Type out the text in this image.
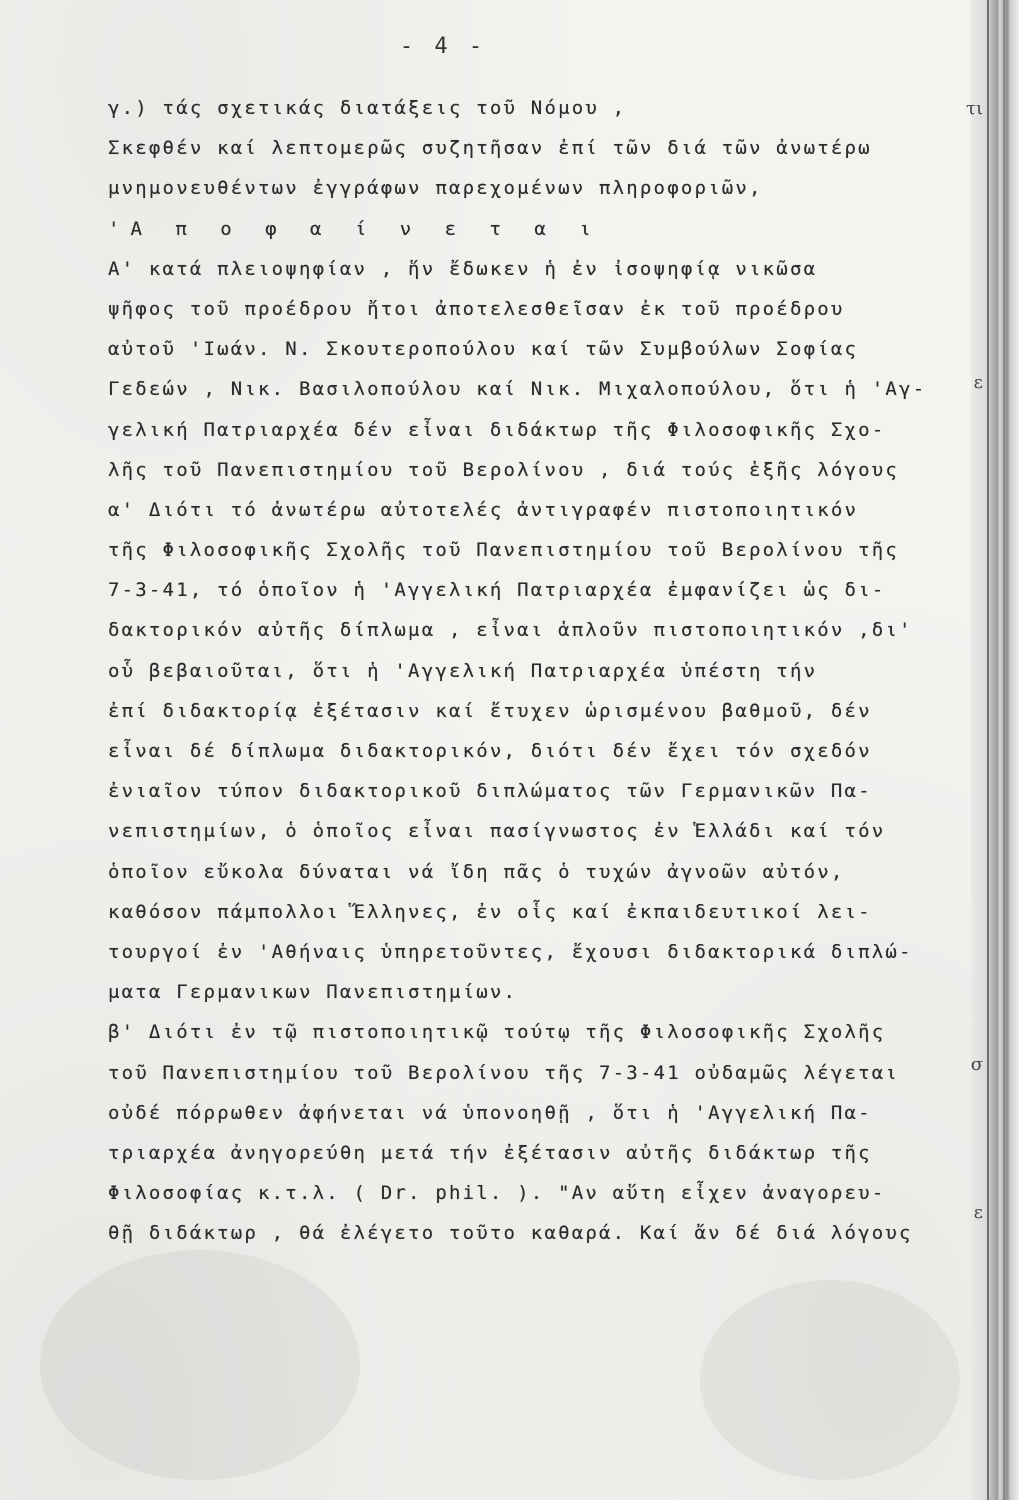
τι
ε
σ
ε
- 4 -
γ.) τάς σχετικάς διατάξεις τοῦ Νόμου ,
Σκεφθέν καί λεπτομερῶς συζητῆσαν ἐπί τῶν διά τῶν ἀνωτέρω
μνημονευθέντων ἐγγράφων παρεχομένων πληροφοριῶν,
'Α π ο φ α ί ν ε τ α ι
Α' κατά πλειοψηφίαν , ἥν ἔδωκεν ἡ ἐν ἰσοψηφίᾳ νικῶσα
ψῆφος τοῦ προέδρου ἤτοι ἀποτελεσθεῖσαν ἐκ τοῦ προέδρου
αὐτοῦ 'Ιωάν. Ν. Σκουτεροπούλου καί τῶν Συμβούλων Σοφίας
Γεδεών , Νικ. Βασιλοπούλου καί Νικ. Μιχαλοπούλου, ὅτι ἡ 'Αγ-
γελική Πατριαρχέα δέν εἶναι διδάκτωρ τῆς Φιλοσοφικῆς Σχο-
λῆς τοῦ Πανεπιστημίου τοῦ Βερολίνου , διά τούς ἑξῆς λόγους
α' Διότι τό ἀνωτέρω αὐτοτελές ἀντιγραφέν πιστοποιητικόν
τῆς Φιλοσοφικῆς Σχολῆς τοῦ Πανεπιστημίου τοῦ Βερολίνου τῆς
7-3-41, τό ὁποῖον ἡ 'Αγγελική Πατριαρχέα ἐμφανίζει ὡς δι-
δακτορικόν αὐτῆς δίπλωμα , εἶναι ἁπλοῦν πιστοποιητικόν ,δι'
οὗ βεβαιοῦται, ὅτι ἡ 'Αγγελική Πατριαρχέα ὑπέστη τήν
ἐπί διδακτορίᾳ ἐξέτασιν καί ἔτυχεν ὡρισμένου βαθμοῦ, δέν
εἶναι δέ δίπλωμα διδακτορικόν, διότι δέν ἔχει τόν σχεδόν
ἐνιαῖον τύπον διδακτορικοῦ διπλώματος τῶν Γερμανικῶν Πα-
νεπιστημίων, ὁ ὁποῖος εἶναι πασίγνωστος ἐν Ἑλλάδι καί τόν
ὁποῖον εὔκολα δύναται νά ἴδη πᾶς ὁ τυχών ἀγνοῶν αὐτόν,
καθόσον πάμπολλοι Ἕλληνες, ἐν οἷς καί ἐκπαιδευτικοί λει-
τουργοί ἐν 'Αθήναις ὑπηρετοῦντες, ἔχουσι διδακτορικά διπλώ-
ματα Γερμανικων Πανεπιστημίων.
β' Διότι ἐν τῷ πιστοποιητικῷ τούτῳ τῆς Φιλοσοφικῆς Σχολῆς
τοῦ Πανεπιστημίου τοῦ Βερολίνου τῆς 7-3-41 οὐδαμῶς λέγεται
οὐδέ πόρρωθεν ἀφήνεται νά ὑπονοηθῇ , ὅτι ἡ 'Αγγελική Πα-
τριαρχέα ἀνηγορεύθη μετά τήν ἐξέτασιν αὐτῆς διδάκτωρ τῆς
Φιλοσοφίας κ.τ.λ. ( Dr. phil. ). "Αν αὕτη εἶχεν ἀναγορευ-
θῇ διδάκτωρ , θά ἐλέγετο τοῦτο καθαρά. Καί ἄν δέ διά λόγους
